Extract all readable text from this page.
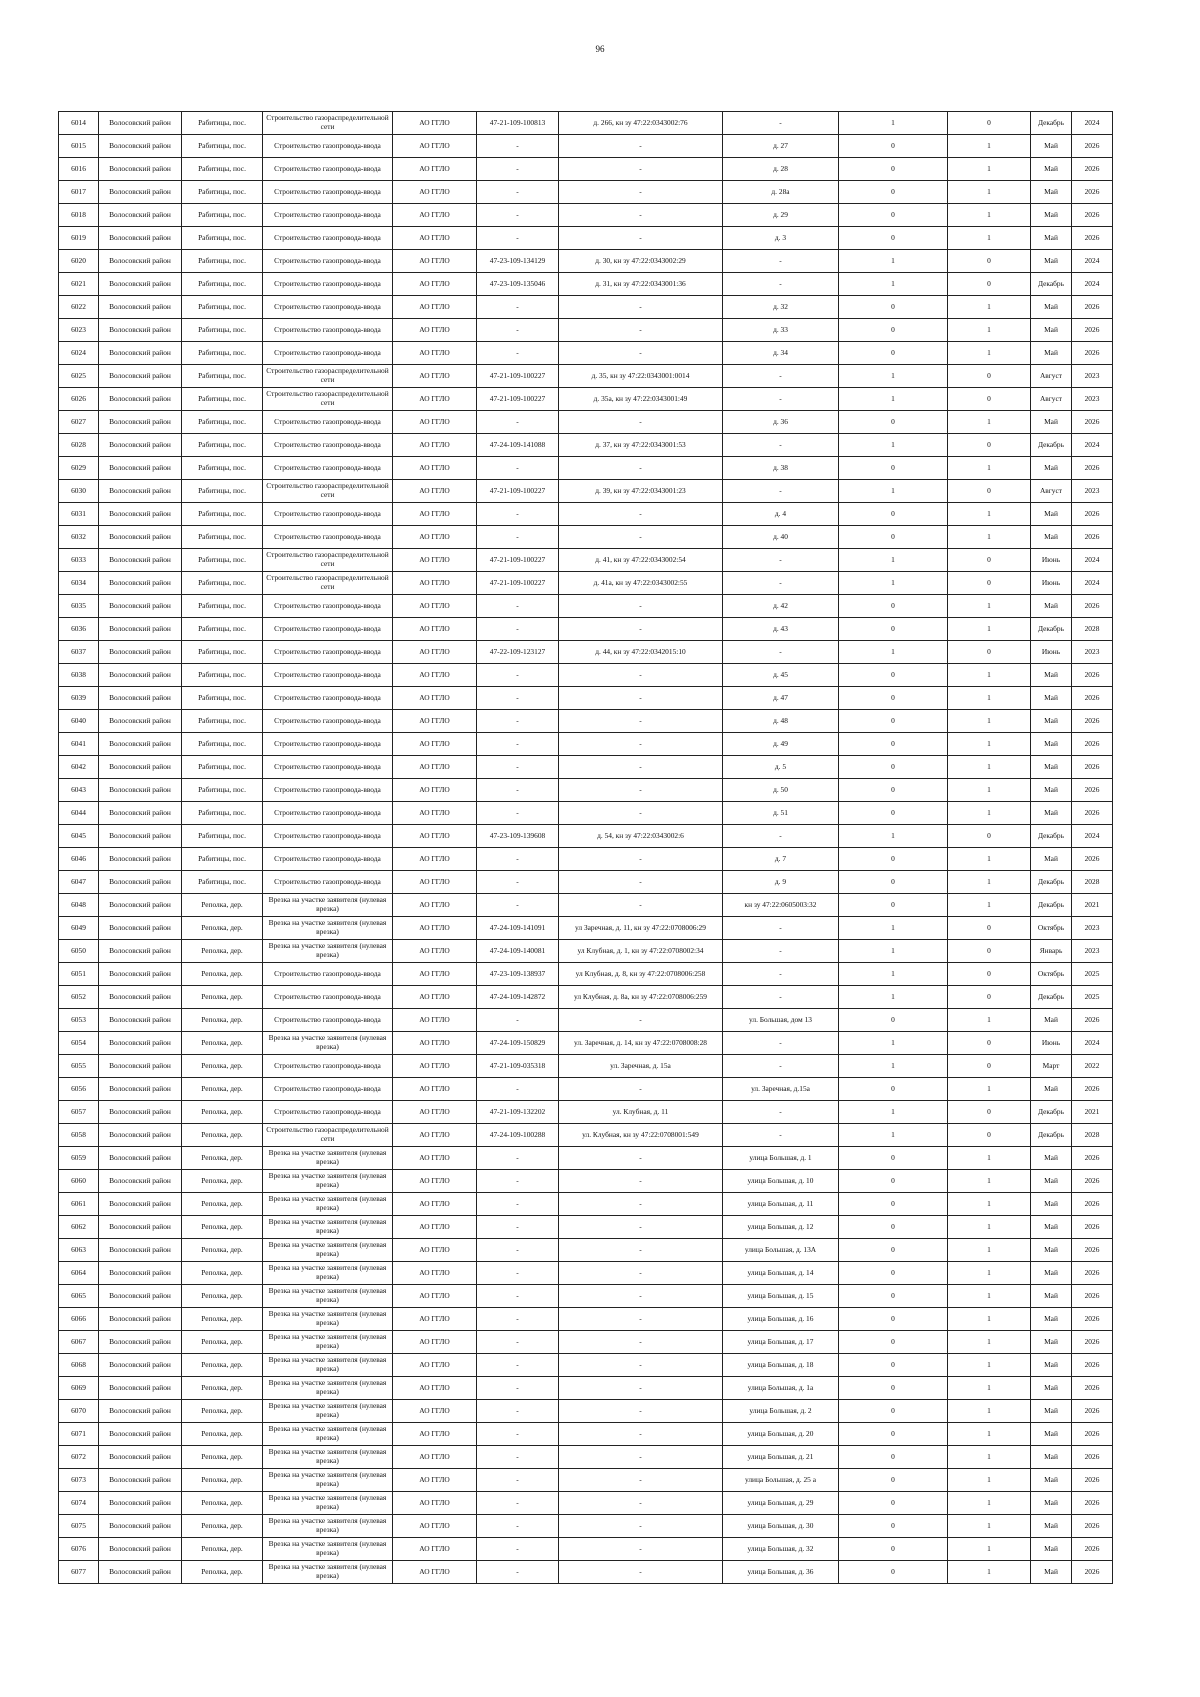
96
6014	Волосовский район	Рабитицы, пос.	Строительство газораспределительной сети	АО ГГЛО	47-21-109-100813	д. 266, кн зу 47:22:0343002:76	-	1	0	Декабрь	2024
6015	Волосовский район	Рабитицы, пос.	Строительство газопровода-ввода	АО ГГЛО	-	-	д. 27	0	1	Май	2026
6016	Волосовский район	Рабитицы, пос.	Строительство газопровода-ввода	АО ГГЛО	-	-	д. 28	0	1	Май	2026
6017	Волосовский район	Рабитицы, пос.	Строительство газопровода-ввода	АО ГГЛО	-	-	д. 28а	0	1	Май	2026
6018	Волосовский район	Рабитицы, пос.	Строительство газопровода-ввода	АО ГГЛО	-	-	д. 29	0	1	Май	2026
6019	Волосовский район	Рабитицы, пос.	Строительство газопровода-ввода	АО ГГЛО	-	-	д. 3	0	1	Май	2026
6020	Волосовский район	Рабитицы, пос.	Строительство газопровода-ввода	АО ГГЛО	47-23-109-134129	д. 30, кн зу 47:22:0343002:29	-	1	0	Май	2024
6021	Волосовский район	Рабитицы, пос.	Строительство газопровода-ввода	АО ГГЛО	47-23-109-135046	д. 31, кн зу 47:22:0343001:36	-	1	0	Декабрь	2024
6022	Волосовский район	Рабитицы, пос.	Строительство газопровода-ввода	АО ГГЛО	-	-	д. 32	0	1	Май	2026
6023	Волосовский район	Рабитицы, пос.	Строительство газопровода-ввода	АО ГГЛО	-	-	д. 33	0	1	Май	2026
6024	Волосовский район	Рабитицы, пос.	Строительство газопровода-ввода	АО ГГЛО	-	-	д. 34	0	1	Май	2026
6025	Волосовский район	Рабитицы, пос.	Строительство газораспределительной сети	АО ГГЛО	47-21-109-100227	д. 35, кн зу 47:22:0343001:0014	-	1	0	Август	2023
6026	Волосовский район	Рабитицы, пос.	Строительство газораспределительной сети	АО ГГЛО	47-21-109-100227	д. 35а, кн зу 47:22:0343001:49	-	1	0	Август	2023
6027	Волосовский район	Рабитицы, пос.	Строительство газопровода-ввода	АО ГГЛО	-	-	д. 36	0	1	Май	2026
6028	Волосовский район	Рабитицы, пос.	Строительство газопровода-ввода	АО ГГЛО	47-24-109-141088	д. 37, кн зу 47:22:0343001:53	-	1	0	Декабрь	2024
6029	Волосовский район	Рабитицы, пос.	Строительство газопровода-ввода	АО ГГЛО	-	-	д. 38	0	1	Май	2026
6030	Волосовский район	Рабитицы, пос.	Строительство газораспределительной сети	АО ГГЛО	47-21-109-100227	д. 39, кн зу 47:22:0343001:23	-	1	0	Август	2023
6031	Волосовский район	Рабитицы, пос.	Строительство газопровода-ввода	АО ГГЛО	-	-	д. 4	0	1	Май	2026
6032	Волосовский район	Рабитицы, пос.	Строительство газопровода-ввода	АО ГГЛО	-	-	д. 40	0	1	Май	2026
6033	Волосовский район	Рабитицы, пос.	Строительство газораспределительной сети	АО ГГЛО	47-21-109-100227	д. 41, кн зу 47:22:0343002:54	-	1	0	Июнь	2024
6034	Волосовский район	Рабитицы, пос.	Строительство газораспределительной сети	АО ГГЛО	47-21-109-100227	д. 41а, кн зу 47:22:0343002:55	-	1	0	Июнь	2024
6035	Волосовский район	Рабитицы, пос.	Строительство газопровода-ввода	АО ГГЛО	-	-	д. 42	0	1	Май	2026
6036	Волосовский район	Рабитицы, пос.	Строительство газопровода-ввода	АО ГГЛО	-	-	д. 43	0	1	Декабрь	2028
6037	Волосовский район	Рабитицы, пос.	Строительство газопровода-ввода	АО ГГЛО	47-22-109-123127	д. 44, кн зу 47:22:0342015:10	-	1	0	Июнь	2023
6038	Волосовский район	Рабитицы, пос.	Строительство газопровода-ввода	АО ГГЛО	-	-	д. 45	0	1	Май	2026
6039	Волосовский район	Рабитицы, пос.	Строительство газопровода-ввода	АО ГГЛО	-	-	д. 47	0	1	Май	2026
6040	Волосовский район	Рабитицы, пос.	Строительство газопровода-ввода	АО ГГЛО	-	-	д. 48	0	1	Май	2026
6041	Волосовский район	Рабитицы, пос.	Строительство газопровода-ввода	АО ГГЛО	-	-	д. 49	0	1	Май	2026
6042	Волосовский район	Рабитицы, пос.	Строительство газопровода-ввода	АО ГГЛО	-	-	д. 5	0	1	Май	2026
6043	Волосовский район	Рабитицы, пос.	Строительство газопровода-ввода	АО ГГЛО	-	-	д. 50	0	1	Май	2026
6044	Волосовский район	Рабитицы, пос.	Строительство газопровода-ввода	АО ГГЛО	-	-	д. 51	0	1	Май	2026
6045	Волосовский район	Рабитицы, пос.	Строительство газопровода-ввода	АО ГГЛО	47-23-109-139608	д. 54, кн зу 47:22:0343002:6	-	1	0	Декабрь	2024
6046	Волосовский район	Рабитицы, пос.	Строительство газопровода-ввода	АО ГГЛО	-	-	д. 7	0	1	Май	2026
6047	Волосовский район	Рабитицы, пос.	Строительство газопровода-ввода	АО ГГЛО	-	-	д. 9	0	1	Декабрь	2028
6048	Волосовский район	Реполка, дер.	Врезка на участке заявителя (нулевая врезка)	АО ГГЛО	-	-	кн зу 47:22:0605003:32	0	1	Декабрь	2021
6049	Волосовский район	Реполка, дер.	Врезка на участке заявителя (нулевая врезка)	АО ГГЛО	47-24-109-141091	ул Заречная, д. 11, кн зу 47:22:0708006:29	-	1	0	Октябрь	2023
6050	Волосовский район	Реполка, дер.	Врезка на участке заявителя (нулевая врезка)	АО ГГЛО	47-24-109-140081	ул Клубная, д. 1, кн зу 47:22:0708002:34	-	1	0	Январь	2023
6051	Волосовский район	Реполка, дер.	Строительство газопровода-ввода	АО ГГЛО	47-23-109-138937	ул Клубная, д. 8, кн зу 47:22:0708006:258	-	1	0	Октябрь	2025
6052	Волосовский район	Реполка, дер.	Строительство газопровода-ввода	АО ГГЛО	47-24-109-142872	ул Клубная, д. 8а, кн зу 47:22:0708006:259	-	1	0	Декабрь	2025
6053	Волосовский район	Реполка, дер.	Строительство газопровода-ввода	АО ГГЛО	-	-	ул. Большая, дом 13	0	1	Май	2026
6054	Волосовский район	Реполка, дер.	Врезка на участке заявителя (нулевая врезка)	АО ГГЛО	47-24-109-150829	ул. Заречная, д. 14, кн зу 47:22:0708008:28	-	1	0	Июнь	2024
6055	Волосовский район	Реполка, дер.	Строительство газопровода-ввода	АО ГГЛО	47-21-109-035318	ул. Заречная, д. 15а	-	1	0	Март	2022
6056	Волосовский район	Реполка, дер.	Строительство газопровода-ввода	АО ГГЛО	-	-	ул. Заречная, д.15а	0	1	Май	2026
6057	Волосовский район	Реполка, дер.	Строительство газопровода-ввода	АО ГГЛО	47-21-109-132202	ул. Клубная, д. 11	-	1	0	Декабрь	2021
6058	Волосовский район	Реполка, дер.	Строительство газораспределительной сети	АО ГГЛО	47-24-109-100288	ул. Клубная, кн зу 47:22:0708001:549	-	1	0	Декабрь	2028
6059	Волосовский район	Реполка, дер.	Врезка на участке заявителя (нулевая врезка)	АО ГГЛО	-	-	улица Большая, д. 1	0	1	Май	2026
6060	Волосовский район	Реполка, дер.	Врезка на участке заявителя (нулевая врезка)	АО ГГЛО	-	-	улица Большая, д. 10	0	1	Май	2026
6061	Волосовский район	Реполка, дер.	Врезка на участке заявителя (нулевая врезка)	АО ГГЛО	-	-	улица Большая, д. 11	0	1	Май	2026
6062	Волосовский район	Реполка, дер.	Врезка на участке заявителя (нулевая врезка)	АО ГГЛО	-	-	улица Большая, д. 12	0	1	Май	2026
6063	Волосовский район	Реполка, дер.	Врезка на участке заявителя (нулевая врезка)	АО ГГЛО	-	-	улица Большая, д. 13А	0	1	Май	2026
6064	Волосовский район	Реполка, дер.	Врезка на участке заявителя (нулевая врезка)	АО ГГЛО	-	-	улица Большая, д. 14	0	1	Май	2026
6065	Волосовский район	Реполка, дер.	Врезка на участке заявителя (нулевая врезка)	АО ГГЛО	-	-	улица Большая, д. 15	0	1	Май	2026
6066	Волосовский район	Реполка, дер.	Врезка на участке заявителя (нулевая врезка)	АО ГГЛО	-	-	улица Большая, д. 16	0	1	Май	2026
6067	Волосовский район	Реполка, дер.	Врезка на участке заявителя (нулевая врезка)	АО ГГЛО	-	-	улица Большая, д. 17	0	1	Май	2026
6068	Волосовский район	Реполка, дер.	Врезка на участке заявителя (нулевая врезка)	АО ГГЛО	-	-	улица Большая, д. 18	0	1	Май	2026
6069	Волосовский район	Реполка, дер.	Врезка на участке заявителя (нулевая врезка)	АО ГГЛО	-	-	улица Большая, д. 1а	0	1	Май	2026
6070	Волосовский район	Реполка, дер.	Врезка на участке заявителя (нулевая врезка)	АО ГГЛО	-	-	улица Большая, д. 2	0	1	Май	2026
6071	Волосовский район	Реполка, дер.	Врезка на участке заявителя (нулевая врезка)	АО ГГЛО	-	-	улица Большая, д. 20	0	1	Май	2026
6072	Волосовский район	Реполка, дер.	Врезка на участке заявителя (нулевая врезка)	АО ГГЛО	-	-	улица Большая, д. 21	0	1	Май	2026
6073	Волосовский район	Реполка, дер.	Врезка на участке заявителя (нулевая врезка)	АО ГГЛО	-	-	улица Большая, д. 25 а	0	1	Май	2026
6074	Волосовский район	Реполка, дер.	Врезка на участке заявителя (нулевая врезка)	АО ГГЛО	-	-	улица Большая, д. 29	0	1	Май	2026
6075	Волосовский район	Реполка, дер.	Врезка на участке заявителя (нулевая врезка)	АО ГГЛО	-	-	улица Большая, д. 30	0	1	Май	2026
6076	Волосовский район	Реполка, дер.	Врезка на участке заявителя (нулевая врезка)	АО ГГЛО	-	-	улица Большая, д. 32	0	1	Май	2026
6077	Волосовский район	Реполка, дер.	Врезка на участке заявителя (нулевая врезка)	АО ГГЛО	-	-	улица Большая, д. 36	0	1	Май	2026
